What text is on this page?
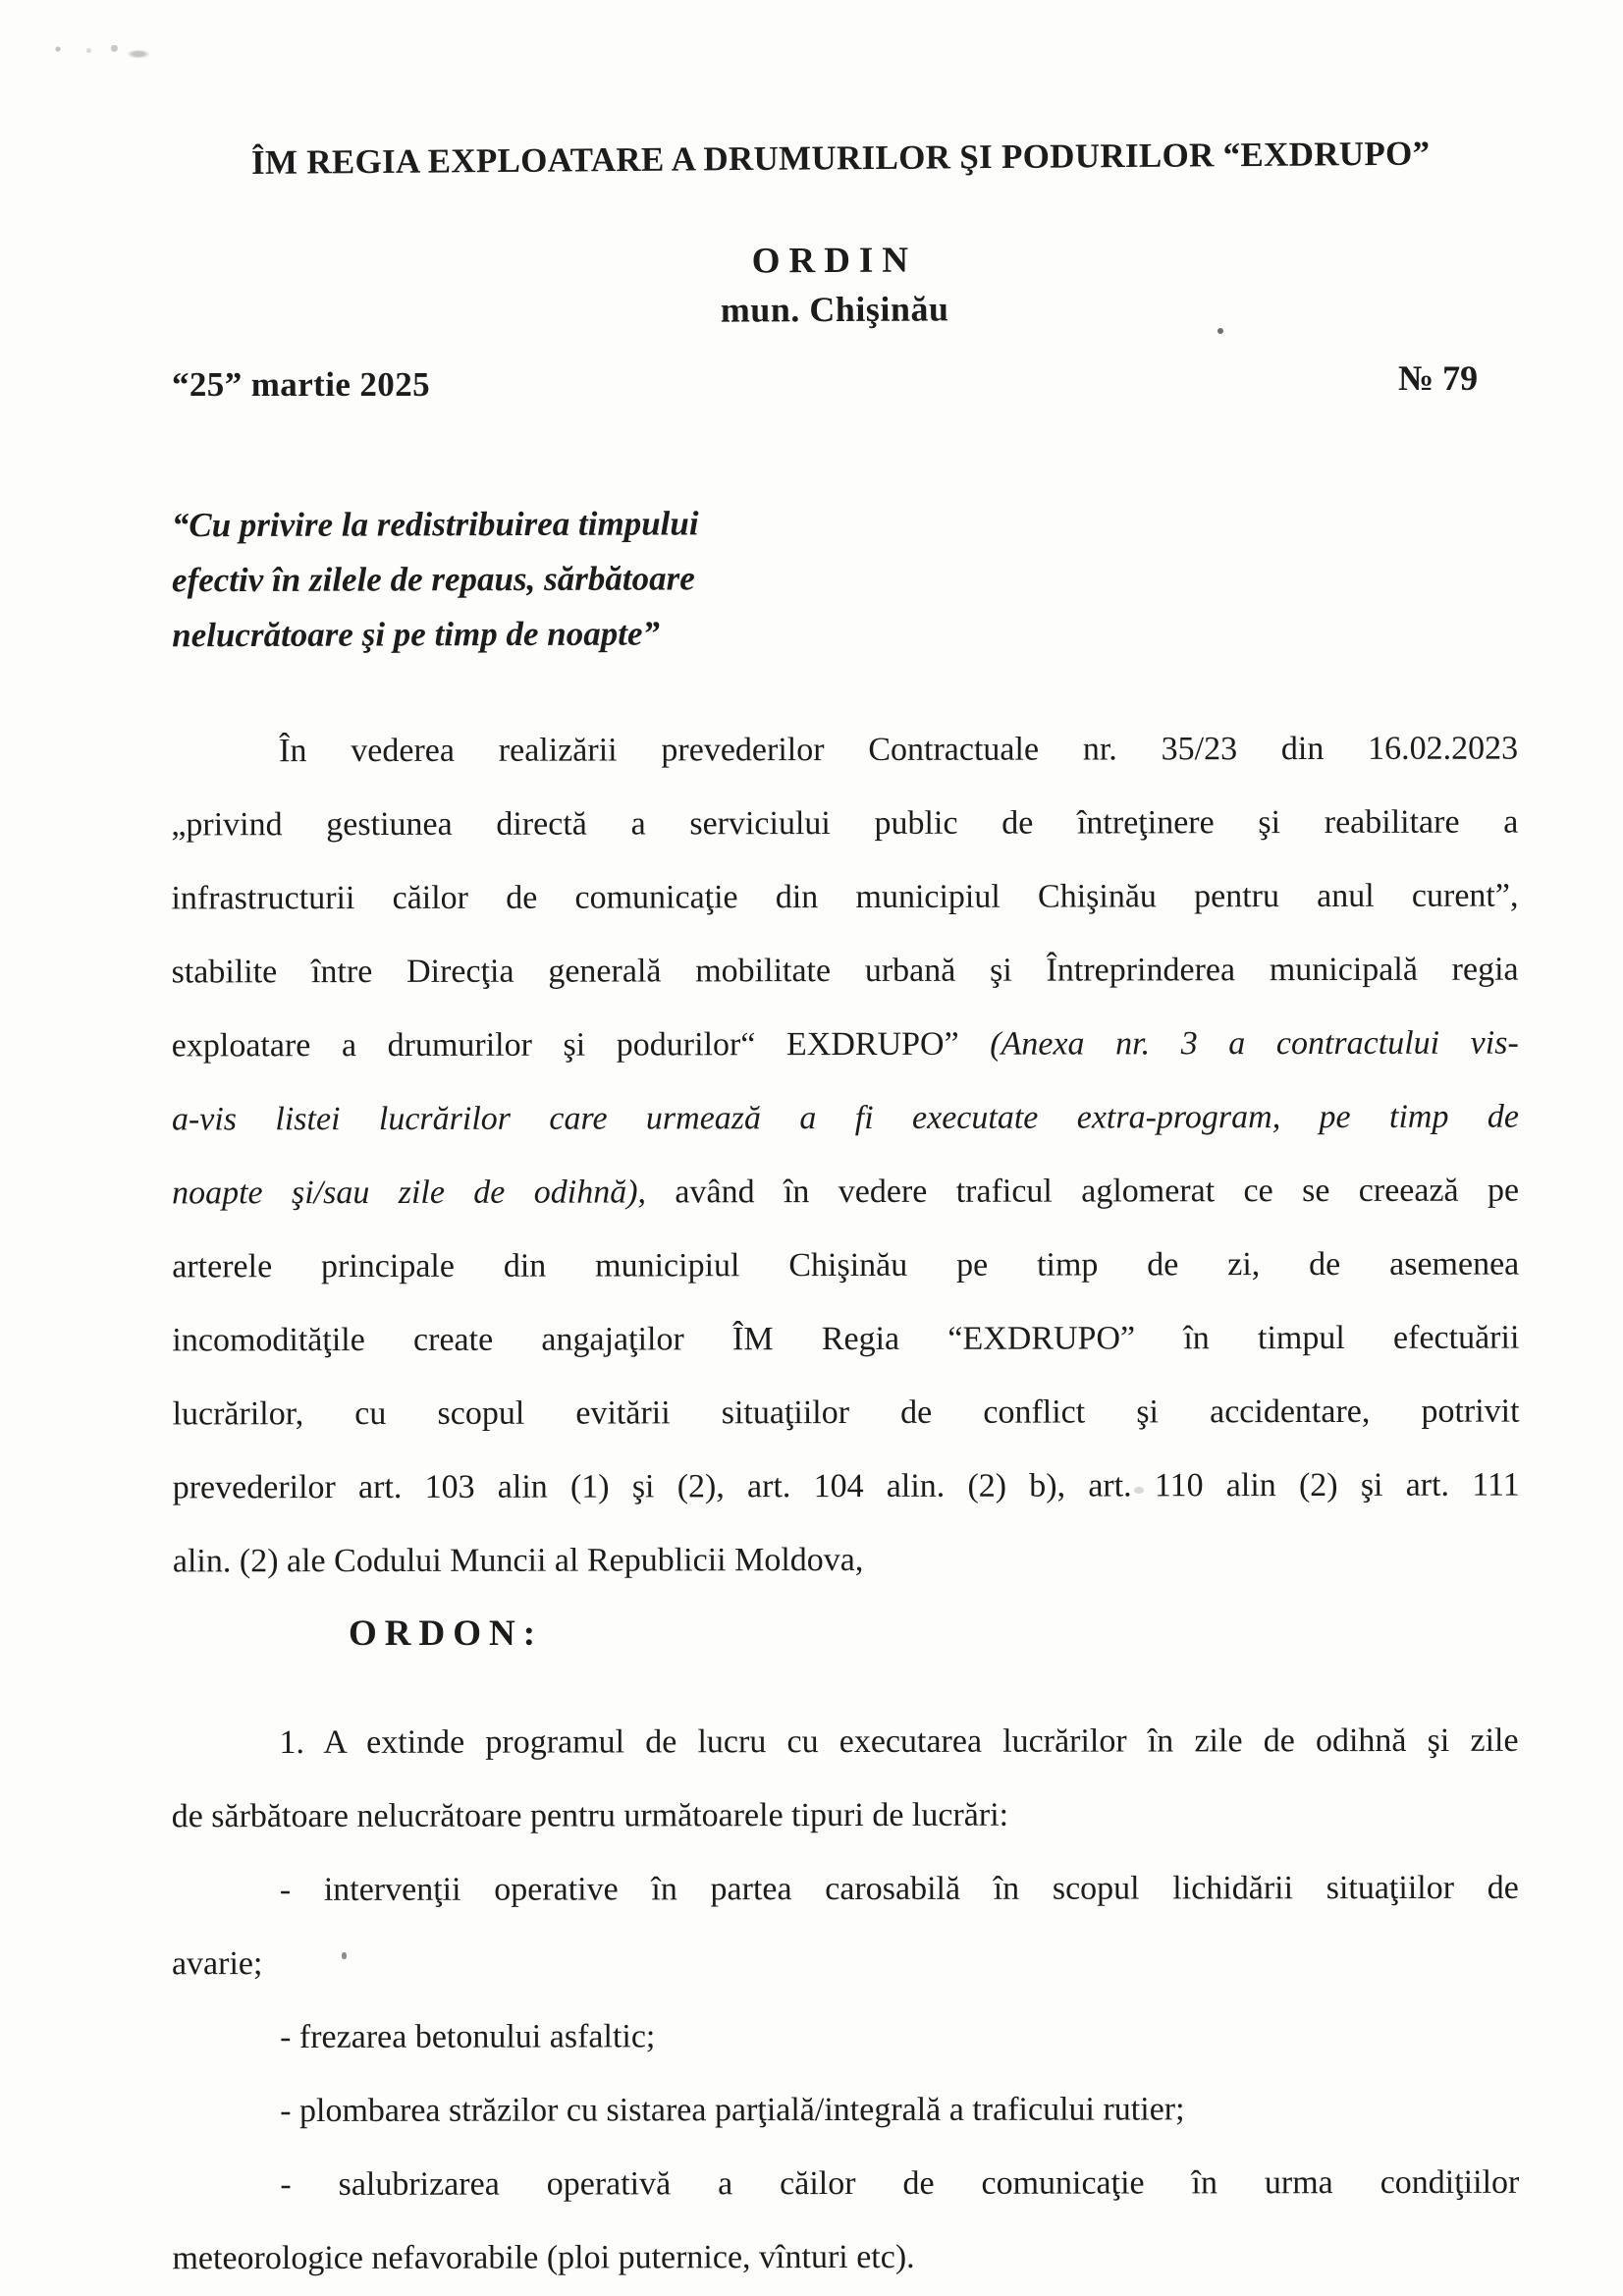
ÎM REGIA EXPLOATARE A DRUMURILOR ŞI PODURILOR “EXDRUPO”
ORDIN
mun. Chişinău
“25” martie 2025	№ 79
“Cu privire la redistribuirea timpului
efectiv în zilele de repaus, sărbătoare
nelucrătoare şi pe timp de noapte”
În vederea realizării prevederilor Contractuale nr. 35/23 din 16.02.2023
„privind gestiunea directă a serviciului public de întreţinere şi reabilitare a
infrastructurii căilor de comunicaţie din municipiul Chişinău pentru anul curent”,
stabilite între Direcţia generală mobilitate urbană şi Întreprinderea municipală regia
exploatare a drumurilor şi podurilor“ EXDRUPO” (Anexa nr. 3 a contractului vis-
a-vis listei lucrărilor care urmează a fi executate extra-program, pe timp de
noapte şi/sau zile de odihnă), având în vedere traficul aglomerat ce se creează pe
arterele principale din municipiul Chişinău pe timp de zi, de asemenea
incomodităţile create angajaţilor ÎM Regia “EXDRUPO” în timpul efectuării
lucrărilor, cu scopul evitării situaţiilor de conflict şi accidentare, potrivit
prevederilor art. 103 alin (1) şi (2), art. 104 alin. (2) b), art. 110 alin (2) şi art. 111
alin. (2) ale Codului Muncii al Republicii Moldova,
ORDON:
1. A extinde programul de lucru cu executarea lucrărilor în zile de odihnă şi zile
de sărbătoare nelucrătoare pentru următoarele tipuri de lucrări:
- intervenţii operative în partea carosabilă în scopul lichidării situaţiilor de
avarie;
- frezarea betonului asfaltic;
- plombarea străzilor cu sistarea parţială/integrală a traficului rutier;
- salubrizarea operativă a căilor de comunicaţie în urma condiţiilor
meteorologice nefavorabile (ploi puternice, vînturi etc).
